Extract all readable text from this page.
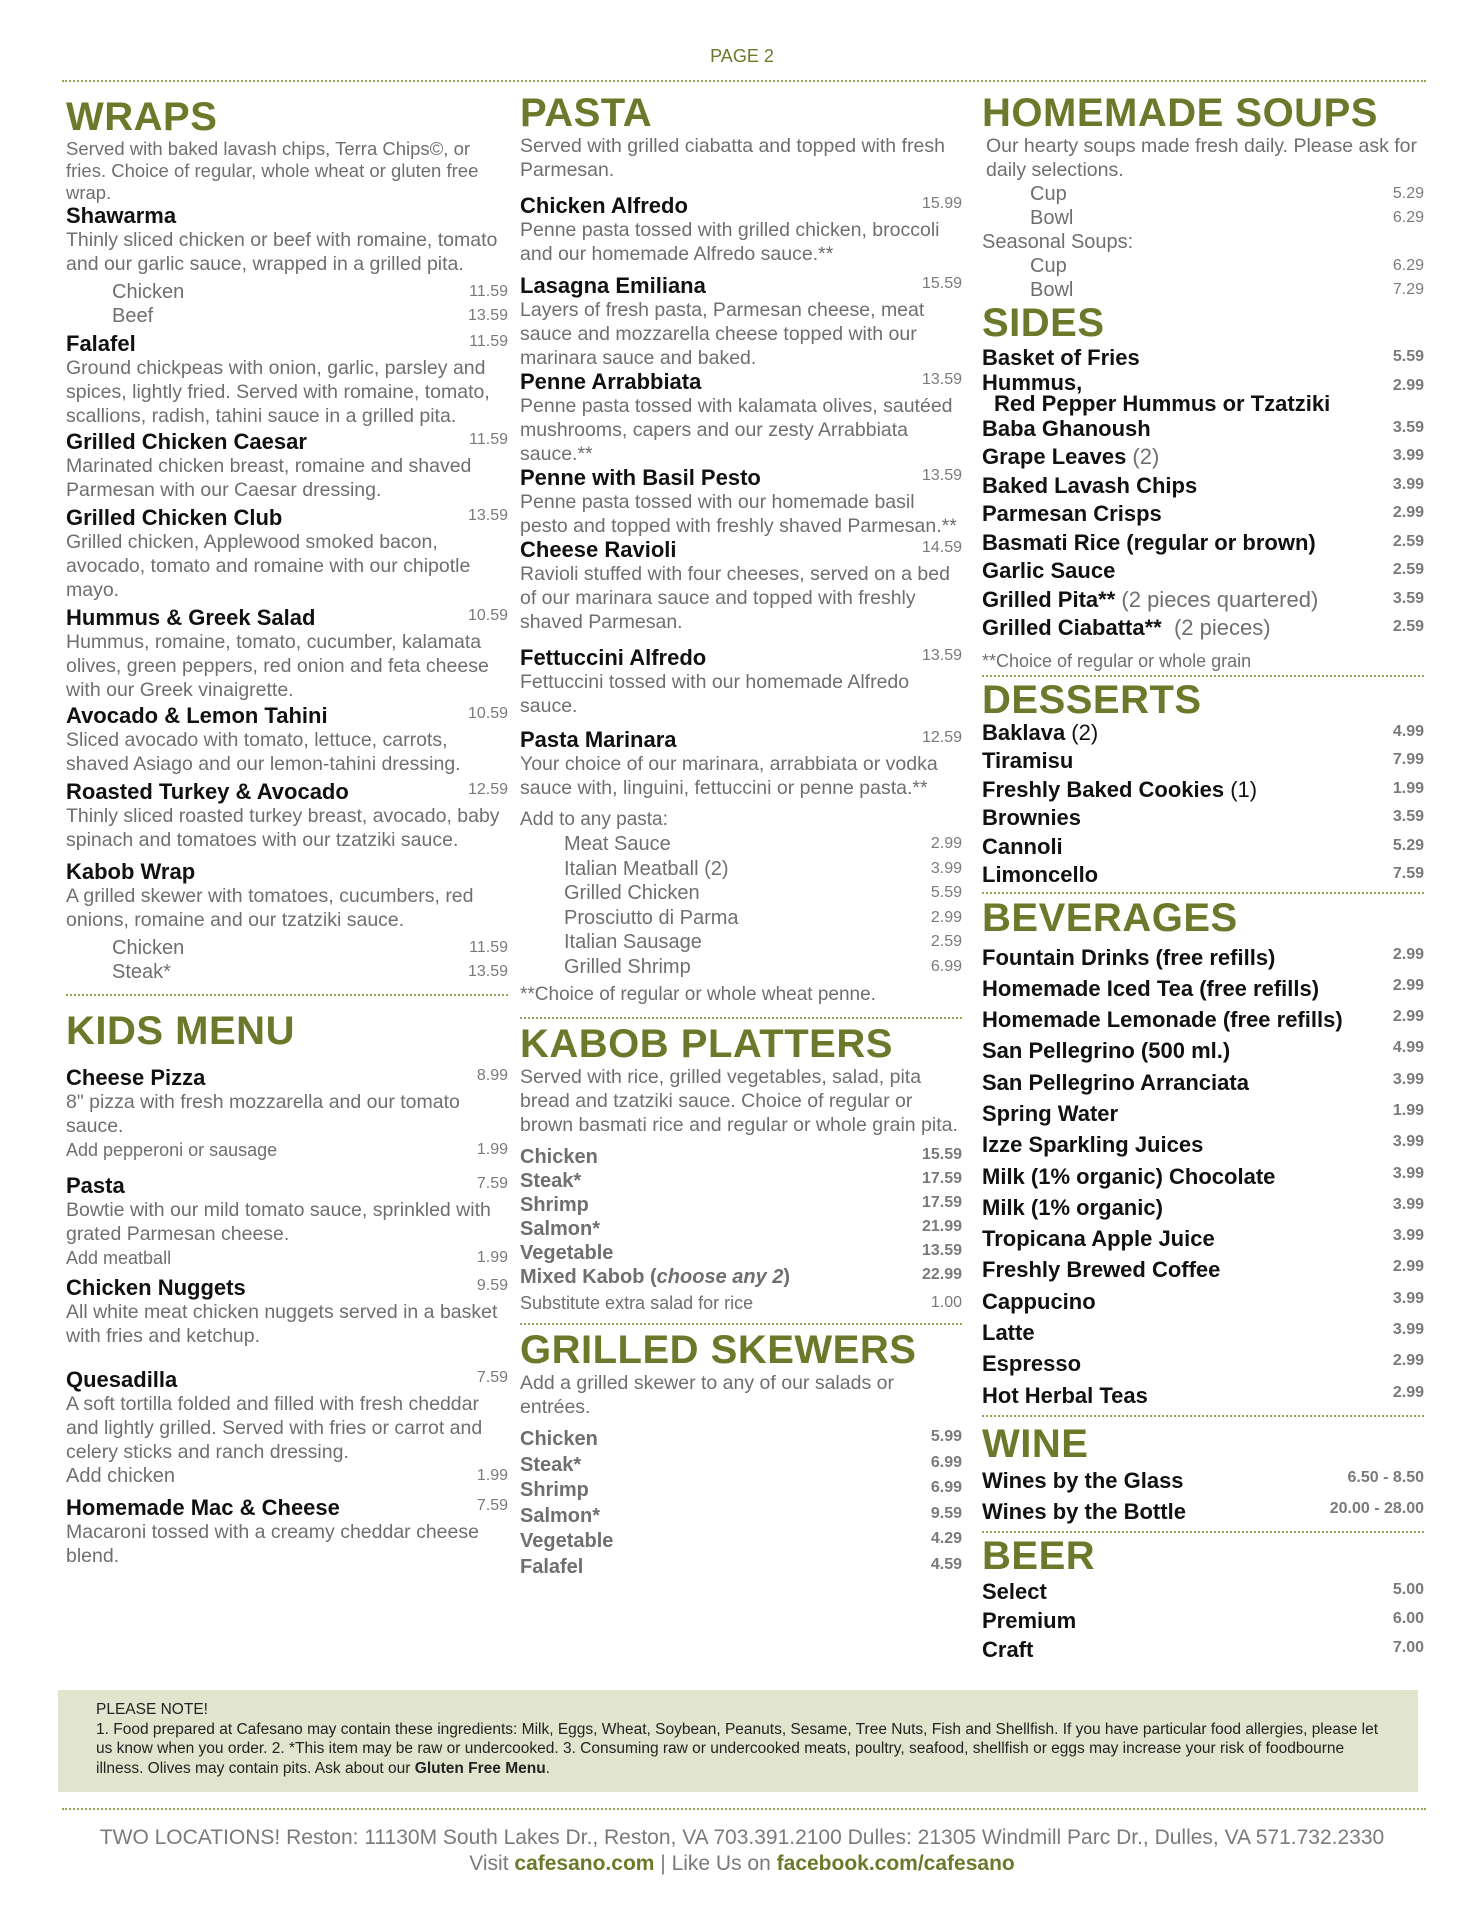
PAGE 2
WRAPS
Served with baked lavash chips, Terra Chips©, or fries. Choice of regular, whole wheat or gluten free wrap.
Shawarma
Thinly sliced chicken or beef with romaine, tomato and our garlic sauce, wrapped in a grilled pita.
Chicken	11.59
Beef	13.59
Falafel	11.59
Ground chickpeas with onion, garlic, parsley and spices, lightly fried. Served with romaine, tomato, scallions, radish, tahini sauce in a grilled pita.
Grilled Chicken Caesar	11.59
Marinated chicken breast, romaine and shaved Parmesan with our Caesar dressing.
Grilled Chicken Club	13.59
Grilled chicken, Applewood smoked bacon, avocado, tomato and romaine with our chipotle mayo.
Hummus & Greek Salad	10.59
Hummus, romaine, tomato, cucumber, kalamata olives, green peppers, red onion and feta cheese with our Greek vinaigrette.
Avocado & Lemon Tahini	10.59
Sliced avocado with tomato, lettuce, carrots, shaved Asiago and our lemon-tahini dressing.
Roasted Turkey & Avocado	12.59
Thinly sliced roasted turkey breast, avocado, baby spinach and tomatoes with our tzatziki sauce.
Kabob Wrap
A grilled skewer with tomatoes, cucumbers, red onions, romaine and our tzatziki sauce.
Chicken	11.59
Steak*	13.59
KIDS MENU
Cheese Pizza	8.99
8" pizza with fresh mozzarella and our tomato sauce.
Add pepperoni or sausage	1.99
Pasta	7.59
Bowtie with our mild tomato sauce, sprinkled with grated Parmesan cheese.
Add meatball	1.99
Chicken Nuggets	9.59
All white meat chicken nuggets served in a basket with fries and ketchup.
Quesadilla	7.59
A soft tortilla folded and filled with fresh cheddar and lightly grilled. Served with fries or carrot and celery sticks and ranch dressing.
Add chicken	1.99
Homemade Mac & Cheese	7.59
Macaroni tossed with a creamy cheddar cheese blend.
PASTA
Served with grilled ciabatta and topped with fresh Parmesan.
Chicken Alfredo	15.99
Penne pasta tossed with grilled chicken, broccoli and our homemade Alfredo sauce.**
Lasagna Emiliana	15.59
Layers of fresh pasta, Parmesan cheese, meat sauce and mozzarella cheese topped with our marinara sauce and baked.
Penne Arrabbiata	13.59
Penne pasta tossed with kalamata olives, sautéed mushrooms, capers and our zesty Arrabbiata sauce.**
Penne with Basil Pesto	13.59
Penne pasta tossed with our homemade basil pesto and topped with freshly shaved Parmesan.**
Cheese Ravioli	14.59
Ravioli stuffed with four cheeses, served on a bed of our marinara sauce and topped with freshly shaved Parmesan.
Fettuccini Alfredo	13.59
Fettuccini tossed with our homemade Alfredo sauce.
Pasta Marinara	12.59
Your choice of our marinara, arrabbiata or vodka sauce with, linguini, fettuccini or penne pasta.**
Add to any pasta:
Meat Sauce	2.99
Italian Meatball (2)	3.99
Grilled Chicken	5.59
Prosciutto di Parma	2.99
Italian Sausage	2.59
Grilled Shrimp	6.99
**Choice of regular or whole wheat penne.
KABOB PLATTERS
Served with rice, grilled vegetables, salad, pita bread and tzatziki sauce. Choice of regular or brown basmati rice and regular or whole grain pita.
Chicken	15.59
Steak*	17.59
Shrimp	17.59
Salmon*	21.99
Vegetable	13.59
Mixed Kabob (choose any 2)	22.99
Substitute extra salad for rice	1.00
GRILLED SKEWERS
Add a grilled skewer to any of our salads or entrées.
Chicken	5.99
Steak*	6.99
Shrimp	6.99
Salmon*	9.59
Vegetable	4.29
Falafel	4.59
HOMEMADE SOUPS
Our hearty soups made fresh daily. Please ask for daily selections.
Cup	5.29
Bowl	6.29
Seasonal Soups:
Cup	6.29
Bowl	7.29
SIDES
Basket of Fries	5.59
Hummus,	2.99
Red Pepper Hummus or Tzatziki
Baba Ghanoush	3.59
Grape Leaves (2)	3.99
Baked Lavash Chips	3.99
Parmesan Crisps	2.99
Basmati Rice (regular or brown)	2.59
Garlic Sauce	2.59
Grilled Pita** (2 pieces quartered)	3.59
Grilled Ciabatta**  (2 pieces)	2.59
**Choice of regular or whole grain
DESSERTS
Baklava (2)	4.99
Tiramisu	7.99
Freshly Baked Cookies (1)	1.99
Brownies	3.59
Cannoli	5.29
Limoncello	7.59
BEVERAGES
Fountain Drinks (free refills)	2.99
Homemade Iced Tea (free refills)	2.99
Homemade Lemonade (free refills)	2.99
San Pellegrino (500 ml.)	4.99
San Pellegrino Arranciata	3.99
Spring Water	1.99
Izze Sparkling Juices	3.99
Milk (1% organic) Chocolate	3.99
Milk (1% organic)	3.99
Tropicana Apple Juice	3.99
Freshly Brewed Coffee	2.99
Cappucino	3.99
Latte	3.99
Espresso	2.99
Hot Herbal Teas	2.99
WINE
Wines by the Glass	6.50 - 8.50
Wines by the Bottle	20.00 - 28.00
BEER
Select	5.00
Premium	6.00
Craft	7.00
PLEASE NOTE!
1. Food prepared at Cafesano may contain these ingredients: Milk, Eggs, Wheat, Soybean, Peanuts, Sesame, Tree Nuts, Fish and Shellfish. If you have particular food allergies, please let us know when you order. 2. *This item may be raw or undercooked. 3. Consuming raw or undercooked meats, poultry, seafood, shellfish or eggs may increase your risk of foodbourne illness. Olives may contain pits. Ask about our Gluten Free Menu.
TWO LOCATIONS! Reston: 11130M South Lakes Dr., Reston, VA 703.391.2100 Dulles: 21305 Windmill Parc Dr., Dulles, VA 571.732.2330
Visit cafesano.com | Like Us on facebook.com/cafesano
